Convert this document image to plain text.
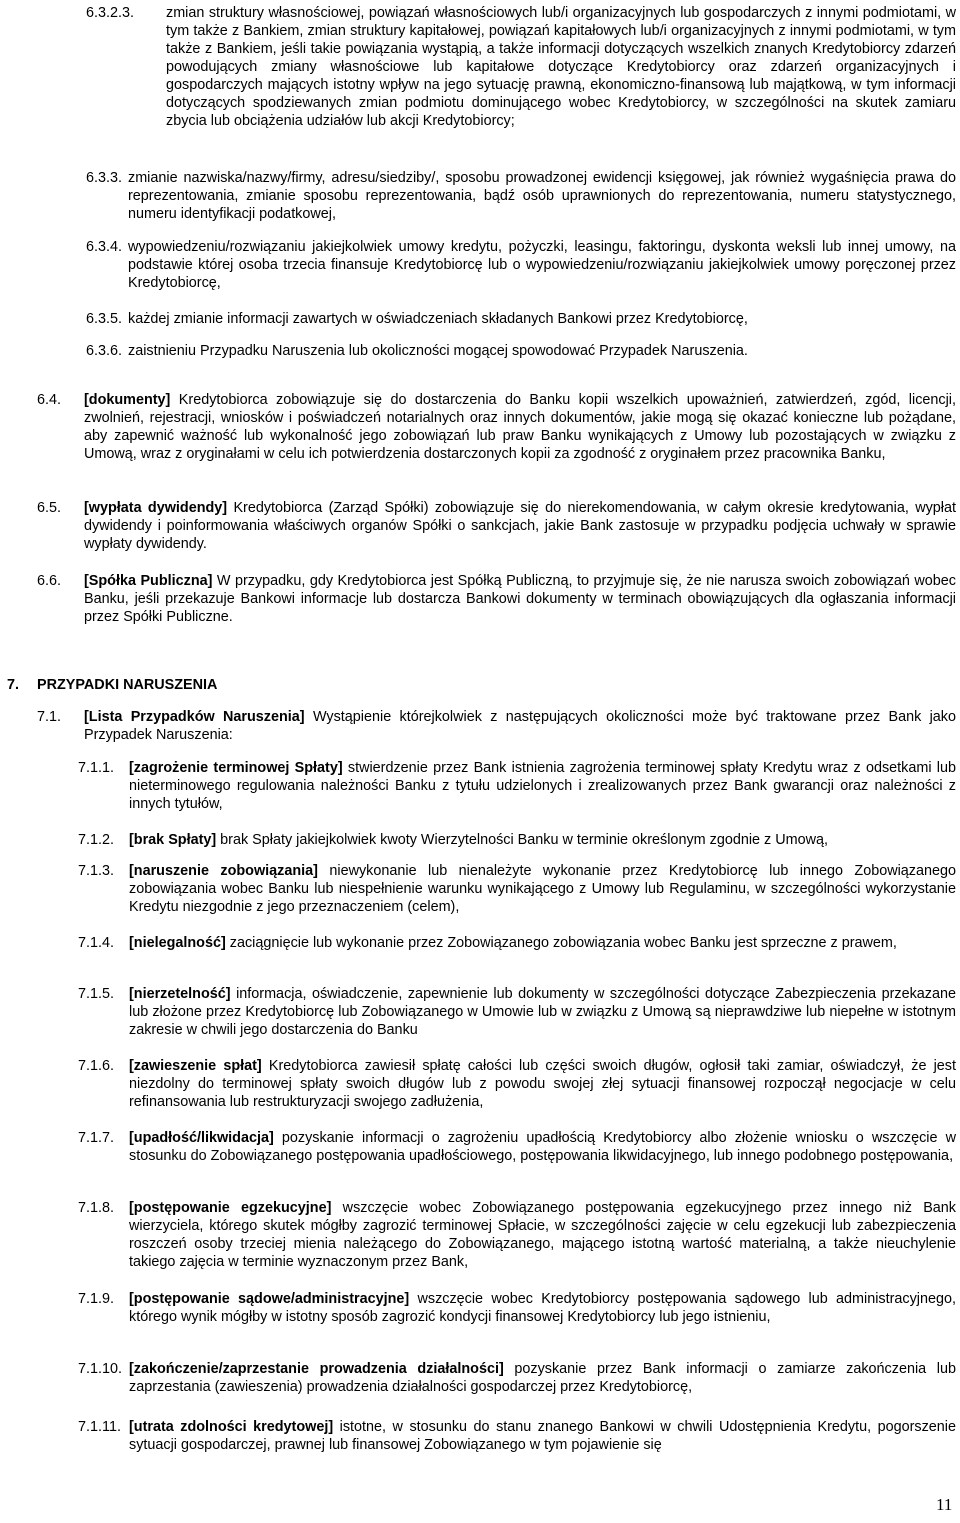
6.3.2.3. zmian struktury własnościowej, powiązań własnościowych lub/i organizacyjnych lub gospodarczych z innymi podmiotami, w tym także z Bankiem, zmian struktury kapitałowej, powiązań kapitałowych lub/i organizacyjnych z innymi podmiotami, w tym także z Bankiem, jeśli takie powiązania wystąpią, a także informacji dotyczących wszelkich znanych Kredytobiorcy zdarzeń powodujących zmiany własnościowe lub kapitałowe dotyczące Kredytobiorcy oraz zdarzeń organizacyjnych i gospodarczych mających istotny wpływ na jego sytuację prawną, ekonomiczno-finansową lub majątkową, w tym informacji dotyczących spodziewanych zmian podmiotu dominującego wobec Kredytobiorcy, w szczególności na skutek zamiaru zbycia lub obciążenia udziałów lub akcji Kredytobiorcy;
6.3.3. zmianie nazwiska/nazwy/firmy, adresu/siedziby/, sposobu prowadzonej ewidencji księgowej, jak również wygaśnięcia prawa do reprezentowania, zmianie sposobu reprezentowania, bądź osób uprawnionych do reprezentowania, numeru statystycznego, numeru identyfikacji podatkowej,
6.3.4. wypowiedzeniu/rozwiązaniu jakiejkolwiek umowy kredytu, pożyczki, leasingu, faktoringu, dyskonta weksli lub innej umowy, na podstawie której osoba trzecia finansuje Kredytobiorcę lub o wypowiedzeniu/rozwiązaniu jakiejkolwiek umowy poręczonej przez Kredytobiorcę,
6.3.5. każdej zmianie informacji zawartych w oświadczeniach składanych Bankowi przez Kredytobiorcę,
6.3.6. zaistnieniu Przypadku Naruszenia lub okoliczności mogącej spowodować Przypadek Naruszenia.
6.4. [dokumenty] Kredytobiorca zobowiązuje się do dostarczenia do Banku kopii wszelkich upoważnień, zatwierdzeń, zgód, licencji, zwolnień, rejestracji, wniosków i poświadczeń notarialnych oraz innych dokumentów, jakie mogą się okazać konieczne lub pożądane, aby zapewnić ważność lub wykonalność jego zobowiązań lub praw Banku wynikających z Umowy lub pozostających w związku z Umową, wraz z oryginałami w celu ich potwierdzenia dostarczonych kopii za zgodność z oryginałem przez pracownika Banku,
6.5. [wypłata dywidendy] Kredytobiorca (Zarząd Spółki) zobowiązuje się do nierekomendowania, w całym okresie kredytowania, wypłat dywidendy i poinformowania właściwych organów Spółki o sankcjach, jakie Bank zastosuje w przypadku podjęcia uchwały w sprawie wypłaty dywidendy.
6.6. [Spółka Publiczna] W przypadku, gdy Kredytobiorca jest Spółką Publiczną, to przyjmuje się, że nie narusza swoich zobowiązań wobec Banku, jeśli przekazuje Bankowi informacje lub dostarcza Bankowi dokumenty w terminach obowiązujących dla ogłaszania informacji przez Spółki Publiczne.
7. PRZYPADKI NARUSZENIA
7.1. [Lista Przypadków Naruszenia] Wystąpienie którejkolwiek z następujących okoliczności może być traktowane przez Bank jako Przypadek Naruszenia:
7.1.1. [zagrożenie terminowej Spłaty] stwierdzenie przez Bank istnienia zagrożenia terminowej spłaty Kredytu wraz z odsetkami lub nieterminowego regulowania należności Banku z tytułu udzielonych i zrealizowanych przez Bank gwarancji oraz należności z innych tytułów,
7.1.2. [brak Spłaty] brak Spłaty jakiejkolwiek kwoty Wierzytelności Banku w terminie określonym zgodnie z Umową,
7.1.3. [naruszenie zobowiązania] niewykonanie lub nienależyte wykonanie przez Kredytobiorcę lub innego Zobowiązanego zobowiązania wobec Banku lub niespełnienie warunku wynikającego z Umowy lub Regulaminu, w szczególności wykorzystanie Kredytu niezgodnie z jego przeznaczeniem (celem),
7.1.4. [nielegalność] zaciągnięcie lub wykonanie przez Zobowiązanego zobowiązania wobec Banku jest sprzeczne z prawem,
7.1.5. [nierzetelność] informacja, oświadczenie, zapewnienie lub dokumenty w szczególności dotyczące Zabezpieczenia przekazane lub złożone przez Kredytobiorcę lub Zobowiązanego w Umowie lub w związku z Umową są nieprawdziwe lub niepełne w istotnym zakresie w chwili jego dostarczenia do Banku
7.1.6. [zawieszenie spłat] Kredytobiorca zawiesił spłatę całości lub części swoich długów, ogłosił taki zamiar, oświadczył, że jest niezdolny do terminowej spłaty swoich długów lub z powodu swojej złej sytuacji finansowej rozpoczął negocjacje w celu refinansowania lub restrukturyzacji swojego zadłużenia,
7.1.7. [upadłość/likwidacja] pozyskanie informacji o zagrożeniu upadłością Kredytobiorcy albo złożenie wniosku o wszczęcie w stosunku do Zobowiązanego postępowania upadłościowego, postępowania likwidacyjnego, lub innego podobnego postępowania,
7.1.8. [postępowanie egzekucyjne] wszczęcie wobec Zobowiązanego postępowania egzekucyjnego przez innego niż Bank wierzyciela, którego skutek mógłby zagrozić terminowej Spłacie, w szczególności zajęcie w celu egzekucji lub zabezpieczenia roszczeń osoby trzeciej mienia należącego do Zobowiązanego, mającego istotną wartość materialną, a także nieuchylenie takiego zajęcia w terminie wyznaczonym przez Bank,
7.1.9. [postępowanie sądowe/administracyjne] wszczęcie wobec Kredytobiorcy postępowania sądowego lub administracyjnego, którego wynik mógłby w istotny sposób zagrozić kondycji finansowej Kredytobiorcy lub jego istnieniu,
7.1.10. [zakończenie/zaprzestanie prowadzenia działalności] pozyskanie przez Bank informacji o zamiarze zakończenia lub zaprzestania (zawieszenia) prowadzenia działalności gospodarczej przez Kredytobiorcę,
7.1.11. [utrata zdolności kredytowej] istotne, w stosunku do stanu znanego Bankowi w chwili Udostępnienia Kredytu, pogorszenie sytuacji gospodarczej, prawnej lub finansowej Zobowiązanego w tym pojawienie się
11
